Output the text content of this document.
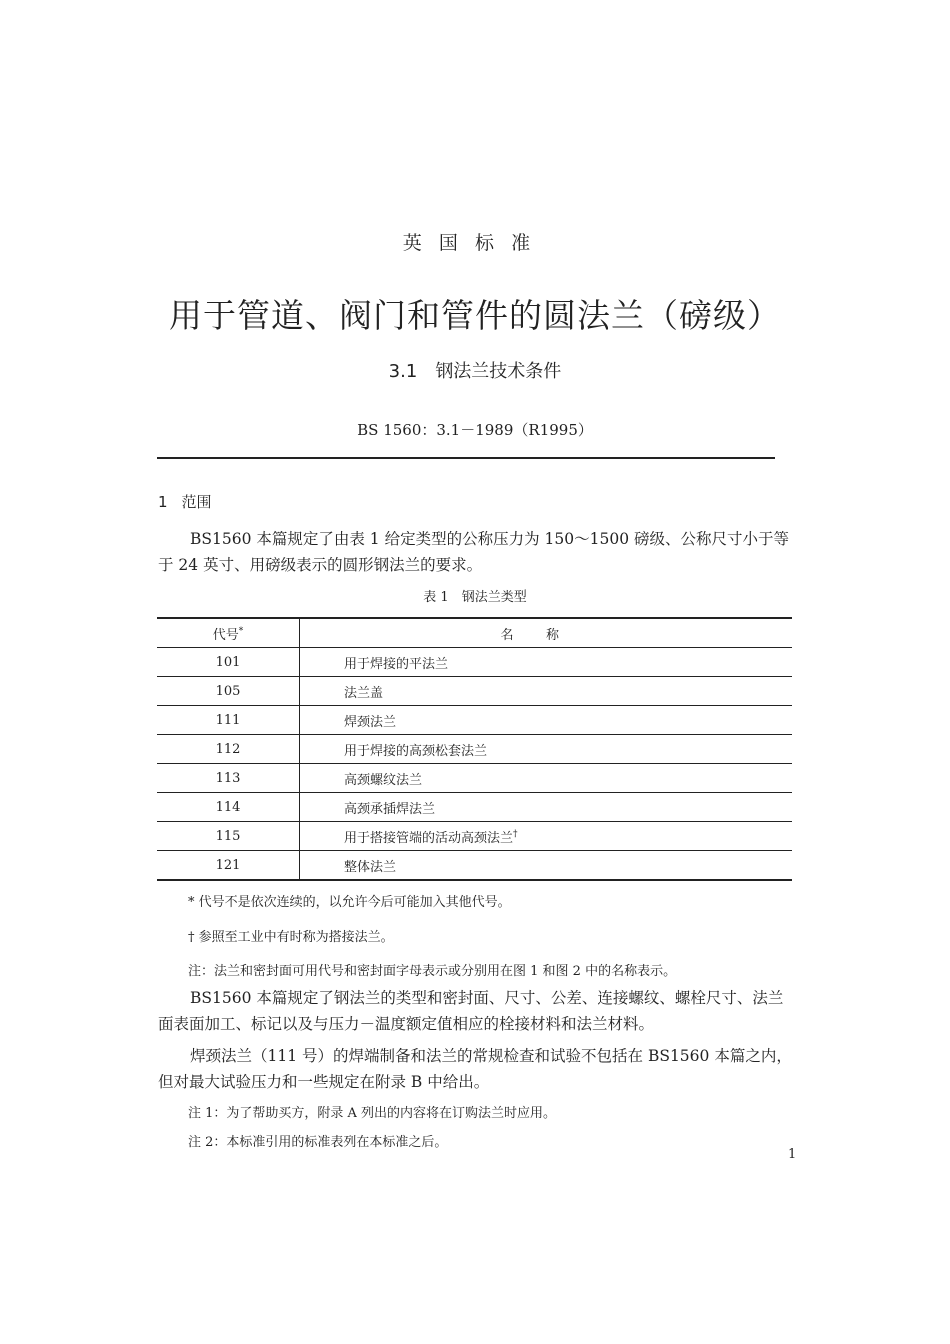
英国标准
用于管道、阀门和管件的圆法兰（磅级）
3.1 钢法兰技术条件
BS 1560：3.1－1989（R1995）
1 范围

BS1560 本篇规定了由表 1 给定类型的公称压力为 150～1500 磅级、公称尺寸小于等于 24 英寸、用磅级表示的圆形钢法兰的要求。

表 1　钢法兰类型
代号*	名称
101	用于焊接的平法兰
105	法兰盖
111	焊颈法兰
112	用于焊接的高颈松套法兰
113	高颈螺纹法兰
114	高颈承插焊法兰
115	用于搭接管端的活动高颈法兰†
121	整体法兰
* 代号不是依次连续的，以允许今后可能加入其他代号。
† 参照至工业中有时称为搭接法兰。
注：法兰和密封面可用代号和密封面字母表示或分别用在图 1 和图 2 中的名称表示。

BS1560 本篇规定了钢法兰的类型和密封面、尺寸、公差、连接螺纹、螺栓尺寸、法兰面表面加工、标记以及与压力－温度额定值相应的栓接材料和法兰材料。

焊颈法兰（111 号）的焊端制备和法兰的常规检查和试验不包括在 BS1560 本篇之内，但对最大试验压力和一些规定在附录 B 中给出。

注 1：为了帮助买方，附录 A 列出的内容将在订购法兰时应用。
注 2：本标准引用的标准表列在本标准之后。
1
